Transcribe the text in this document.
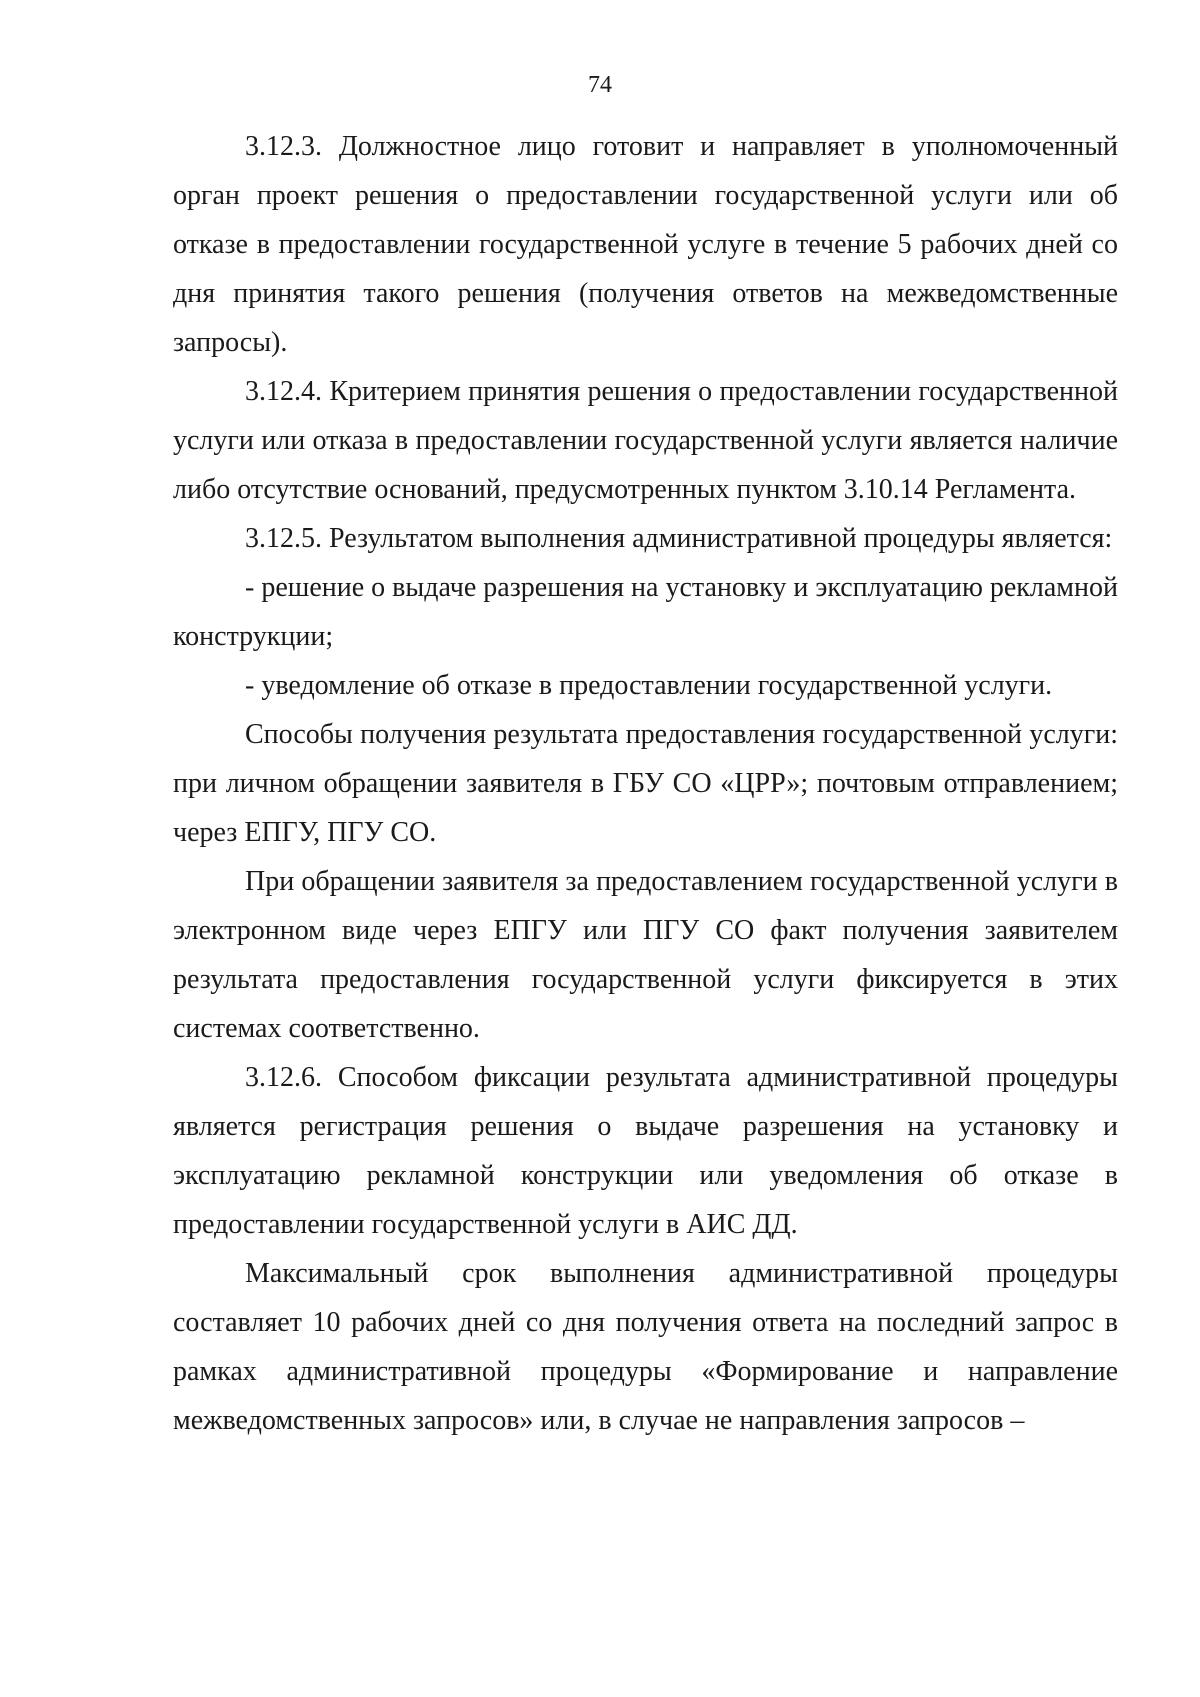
74

3.12.3. Должностное лицо готовит и направляет в уполномоченный орган проект решения о предоставлении государственной услуги или об отказе в предоставлении государственной услуге в течение 5 рабочих дней со дня принятия такого решения (получения ответов на межведомственные запросы).

3.12.4. Критерием принятия решения о предоставлении государственной услуги или отказа в предоставлении государственной услуги является наличие либо отсутствие оснований, предусмотренных пунктом 3.10.14 Регламента.

3.12.5. Результатом выполнения административной процедуры является:

- решение о выдаче разрешения на установку и эксплуатацию рекламной конструкции;

- уведомление об отказе в предоставлении государственной услуги.

Способы получения результата предоставления государственной услуги: при личном обращении заявителя в ГБУ СО «ЦРР»; почтовым отправлением; через ЕПГУ, ПГУ СО.

При обращении заявителя за предоставлением государственной услуги в электронном виде через ЕПГУ или ПГУ СО факт получения заявителем результата предоставления государственной услуги фиксируется в этих системах соответственно.

3.12.6. Способом фиксации результата административной процедуры является регистрация решения о выдаче разрешения на установку и эксплуатацию рекламной конструкции или уведомления об отказе в предоставлении государственной услуги в АИС ДД.

Максимальный срок выполнения административной процедуры составляет 10 рабочих дней со дня получения ответа на последний запрос в рамках административной процедуры «Формирование и направление межведомственных запросов» или, в случае не направления запросов –
